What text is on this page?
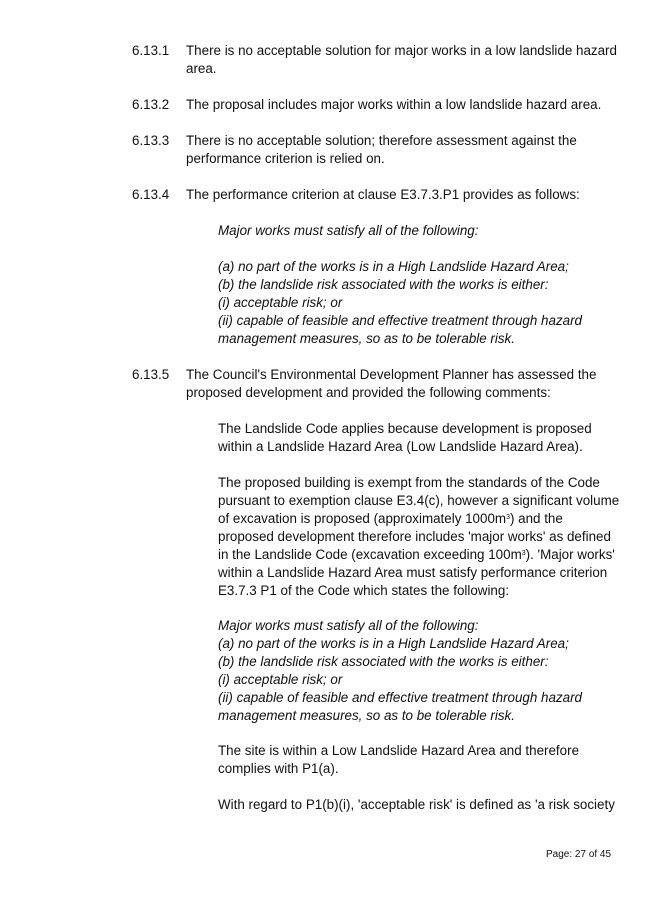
6.13.1 There is no acceptable solution for major works in a low landslide hazard
area.
6.13.2 The proposal includes major works within a low landslide hazard area.
6.13.3 There is no acceptable solution; therefore assessment against the
performance criterion is relied on.
6.13.4 The performance criterion at clause E3.7.3.P1 provides as follows:
Major works must satisfy all of the following:
(a) no part of the works is in a High Landslide Hazard Area;
(b) the landslide risk associated with the works is either:
(i) acceptable risk; or
(ii) capable of feasible and effective treatment through hazard
management measures, so as to be tolerable risk.
6.13.5 The Council's Environmental Development Planner has assessed the
proposed development and provided the following comments:
The Landslide Code applies because development is proposed
within a Landslide Hazard Area (Low Landslide Hazard Area).
The proposed building is exempt from the standards of the Code
pursuant to exemption clause E3.4(c), however a significant volume
of excavation is proposed (approximately $1000m^3$) and the
proposed development therefore includes 'major works' as defined
in the Landslide Code (excavation exceeding $100m^3$). 'Major works'
within a Landslide Hazard Area must satisfy performance criterion
E3.7.3 P1 of the Code which states the following:
Major works must satisfy all of the following:
(a) no part of the works is in a High Landslide Hazard Area;
(b) the landslide risk associated with the works is either:
(i) acceptable risk; or
(ii) capable of feasible and effective treatment through hazard
management measures, so as to be tolerable risk.
The site is within a Low Landslide Hazard Area and therefore
complies with P1(a).
With regard to P1(b)(i), 'acceptable risk' is defined as 'a risk society
Page: 27 of 45
